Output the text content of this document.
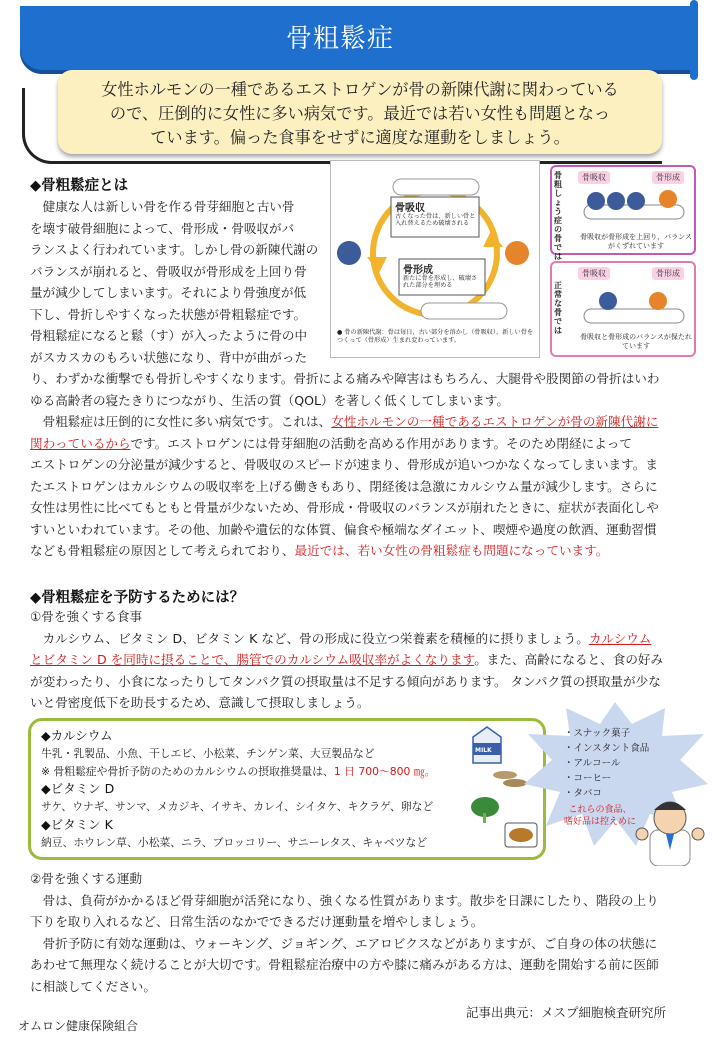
骨粗鬆症
女性ホルモンの一種であるエストロゲンが骨の新陳代謝に関わっている
ので、圧倒的に女性に多い病気です。最近では若い女性も問題となっ
ています。偏った食事をせずに適度な運動をしましょう。
◆骨粗鬆症とは
　健康な人は新しい骨を作る骨芽細胞と古い骨
を壊す破骨細胞によって、骨形成・骨吸収がバ
ランスよく行われています。しかし骨の新陳代謝の
バランスが崩れると、骨吸収が骨形成を上回り骨
量が減少してしまいます。それにより骨強度が低
下し、骨折しやすくなった状態が骨粗鬆症です。
骨粗鬆症になると鬆（す）が入ったように骨の中
がスカスカのもろい状態になり、背中が曲がった
り、わずかな衝撃でも骨折しやすくなります。骨折による痛みや障害はもちろん、大腿骨や股関節の骨折はいわ
ゆる高齢者の寝たきりにつながり、生活の質（QOL）を著しく低くしてしまいます。
　骨粗鬆症は圧倒的に女性に多い病気です。これは、女性ホルモンの一種であるエストロゲンが骨の新陳代謝に
関わっているからです。エストロゲンには骨芽細胞の活動を高める作用があります。そのため閉経によって
エストロゲンの分泌量が減少すると、骨吸収のスピードが速まり、骨形成が追いつかなくなってしまいます。ま
たエストロゲンはカルシウムの吸収率を上げる働きもあり、閉経後は急激にカルシウム量が減少します。さらに
女性は男性に比べてもともと骨量が少ないため、骨形成・骨吸収のバランスが崩れたときに、症状が表面化しや
すいといわれています。その他、加齢や遺伝的な体質、偏食や極端なダイエット、喫煙や過度の飲酒、運動習慣
なども骨粗鬆症の原因として考えられており、最近では、若い女性の骨粗鬆症も問題になっています。
骨吸収
古くなった骨は、新しい骨と入れ替えるため破壊される
骨形成
新たに骨を形成し、破壊された部分を埋める
● 骨の新陳代謝：骨は毎日、古い部分を溶かし（骨吸収）、新しい骨をつくって（骨形成）生まれ変わっています。
骨粗しょう症の骨では
骨吸収	骨形成
骨吸収が骨形成を上回り、バランスがくずれています
正常な骨では
骨吸収	骨形成
骨吸収と骨形成のバランスが保たれています
◆骨粗鬆症を予防するためには？
①骨を強くする食事
　カルシウム、ビタミン D、ビタミン K など、骨の形成に役立つ栄養素を積極的に摂りましょう。カルシウム
とビタミン D を同時に摂ることで、腸管でのカルシウム吸収率がよくなります。また、高齢になると、食の好み
が変わったり、小食になったりしてタンパク質の摂取量は不足する傾向があります。 タンパク質の摂取量が少な
いと骨密度低下を助長するため、意識して摂取しましょう。
◆カルシウム
牛乳・乳製品、小魚、干しエビ、小松菜、チンゲン菜、大豆製品など
※ 骨粗鬆症や骨折予防のためのカルシウムの摂取推奨量は、1 日 700～800 ㎎。
◆ビタミン D
サケ、ウナギ、サンマ、メカジキ、イサキ、カレイ、シイタケ、キクラゲ、卵など
◆ビタミン K
納豆、ホウレン草、小松菜、ニラ、ブロッコリー、サニーレタス、キャベツなど
MILK
・スナック菓子
・インスタント食品
・アルコール
・コーヒー
・タバコ
これらの食品、
嗜好品は控えめに
②骨を強くする運動
　骨は、負荷がかかるほど骨芽細胞が活発になり、強くなる性質があります。散歩を日課にしたり、階段の上り
下りを取り入れるなど、日常生活のなかでできるだけ運動量を増やしましょう。
　骨折予防に有効な運動は、ウォーキング、ジョギング、エアロビクスなどがありますが、ご自身の体の状態に
あわせて無理なく続けることが大切です。骨粗鬆症治療中の方や膝に痛みがある方は、運動を開始する前に医師
に相談してください。
記事出典元：メスプ細胞検査研究所
オムロン健康保険組合
